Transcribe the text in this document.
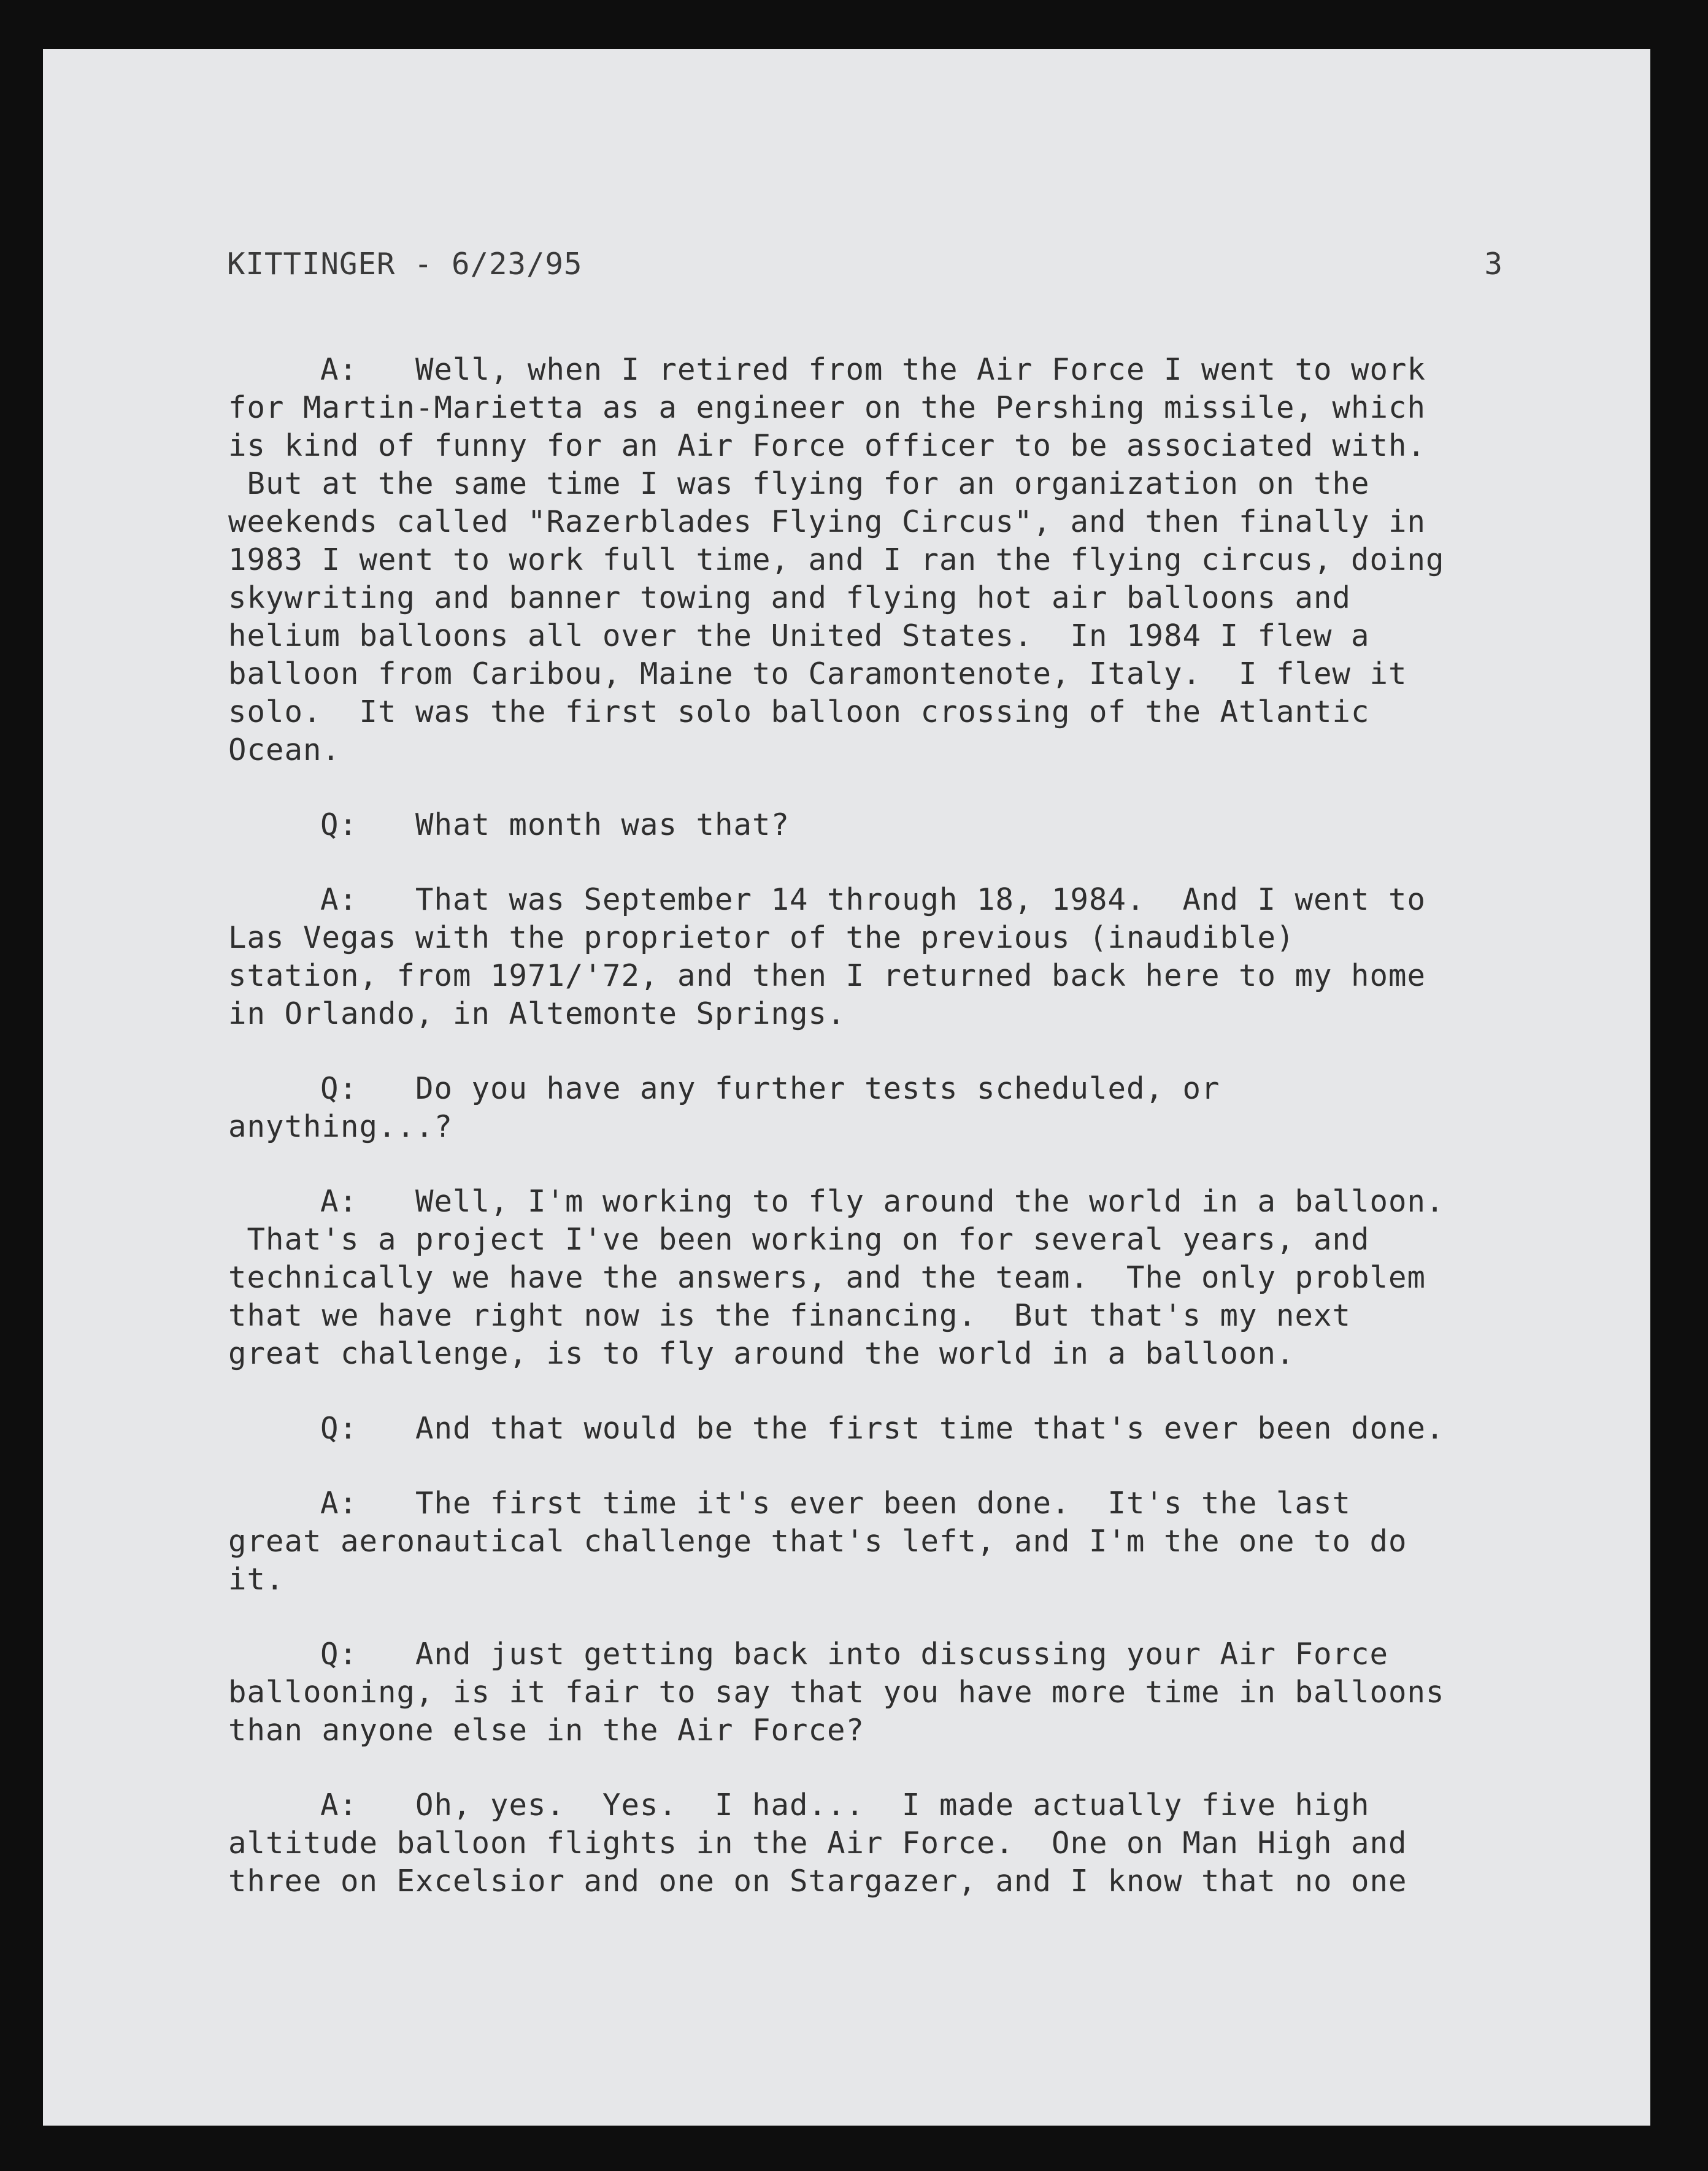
KITTINGER - 6/23/95	3
A: Well, when I retired from the Air Force I went to work
for Martin-Marietta as a engineer on the Pershing missile, which
is kind of funny for an Air Force officer to be associated with.
But at the same time I was flying for an organization on the
weekends called "Razerblades Flying Circus", and then finally in
1983 I went to work full time, and I ran the flying circus, doing
skywriting and banner towing and flying hot air balloons and
helium balloons all over the United States.  In 1984 I flew a
balloon from Caribou, Maine to Caramontenote, Italy.  I flew it
solo.  It was the first solo balloon crossing of the Atlantic
Ocean.
Q: What month was that?
A: That was September 14 through 18, 1984.  And I went to
Las Vegas with the proprietor of the previous (inaudible)
station, from 1971/'72, and then I returned back here to my home
in Orlando, in Altemonte Springs.
Q: Do you have any further tests scheduled, or
anything...?
A: Well, I'm working to fly around the world in a balloon.
That's a project I've been working on for several years, and
technically we have the answers, and the team.  The only problem
that we have right now is the financing.  But that's my next
great challenge, is to fly around the world in a balloon.
Q: And that would be the first time that's ever been done.
A: The first time it's ever been done.  It's the last
great aeronautical challenge that's left, and I'm the one to do
it.
Q: And just getting back into discussing your Air Force
ballooning, is it fair to say that you have more time in balloons
than anyone else in the Air Force?
A: Oh, yes.  Yes.  I had...  I made actually five high
altitude balloon flights in the Air Force.  One on Man High and
three on Excelsior and one on Stargazer, and I know that no one
